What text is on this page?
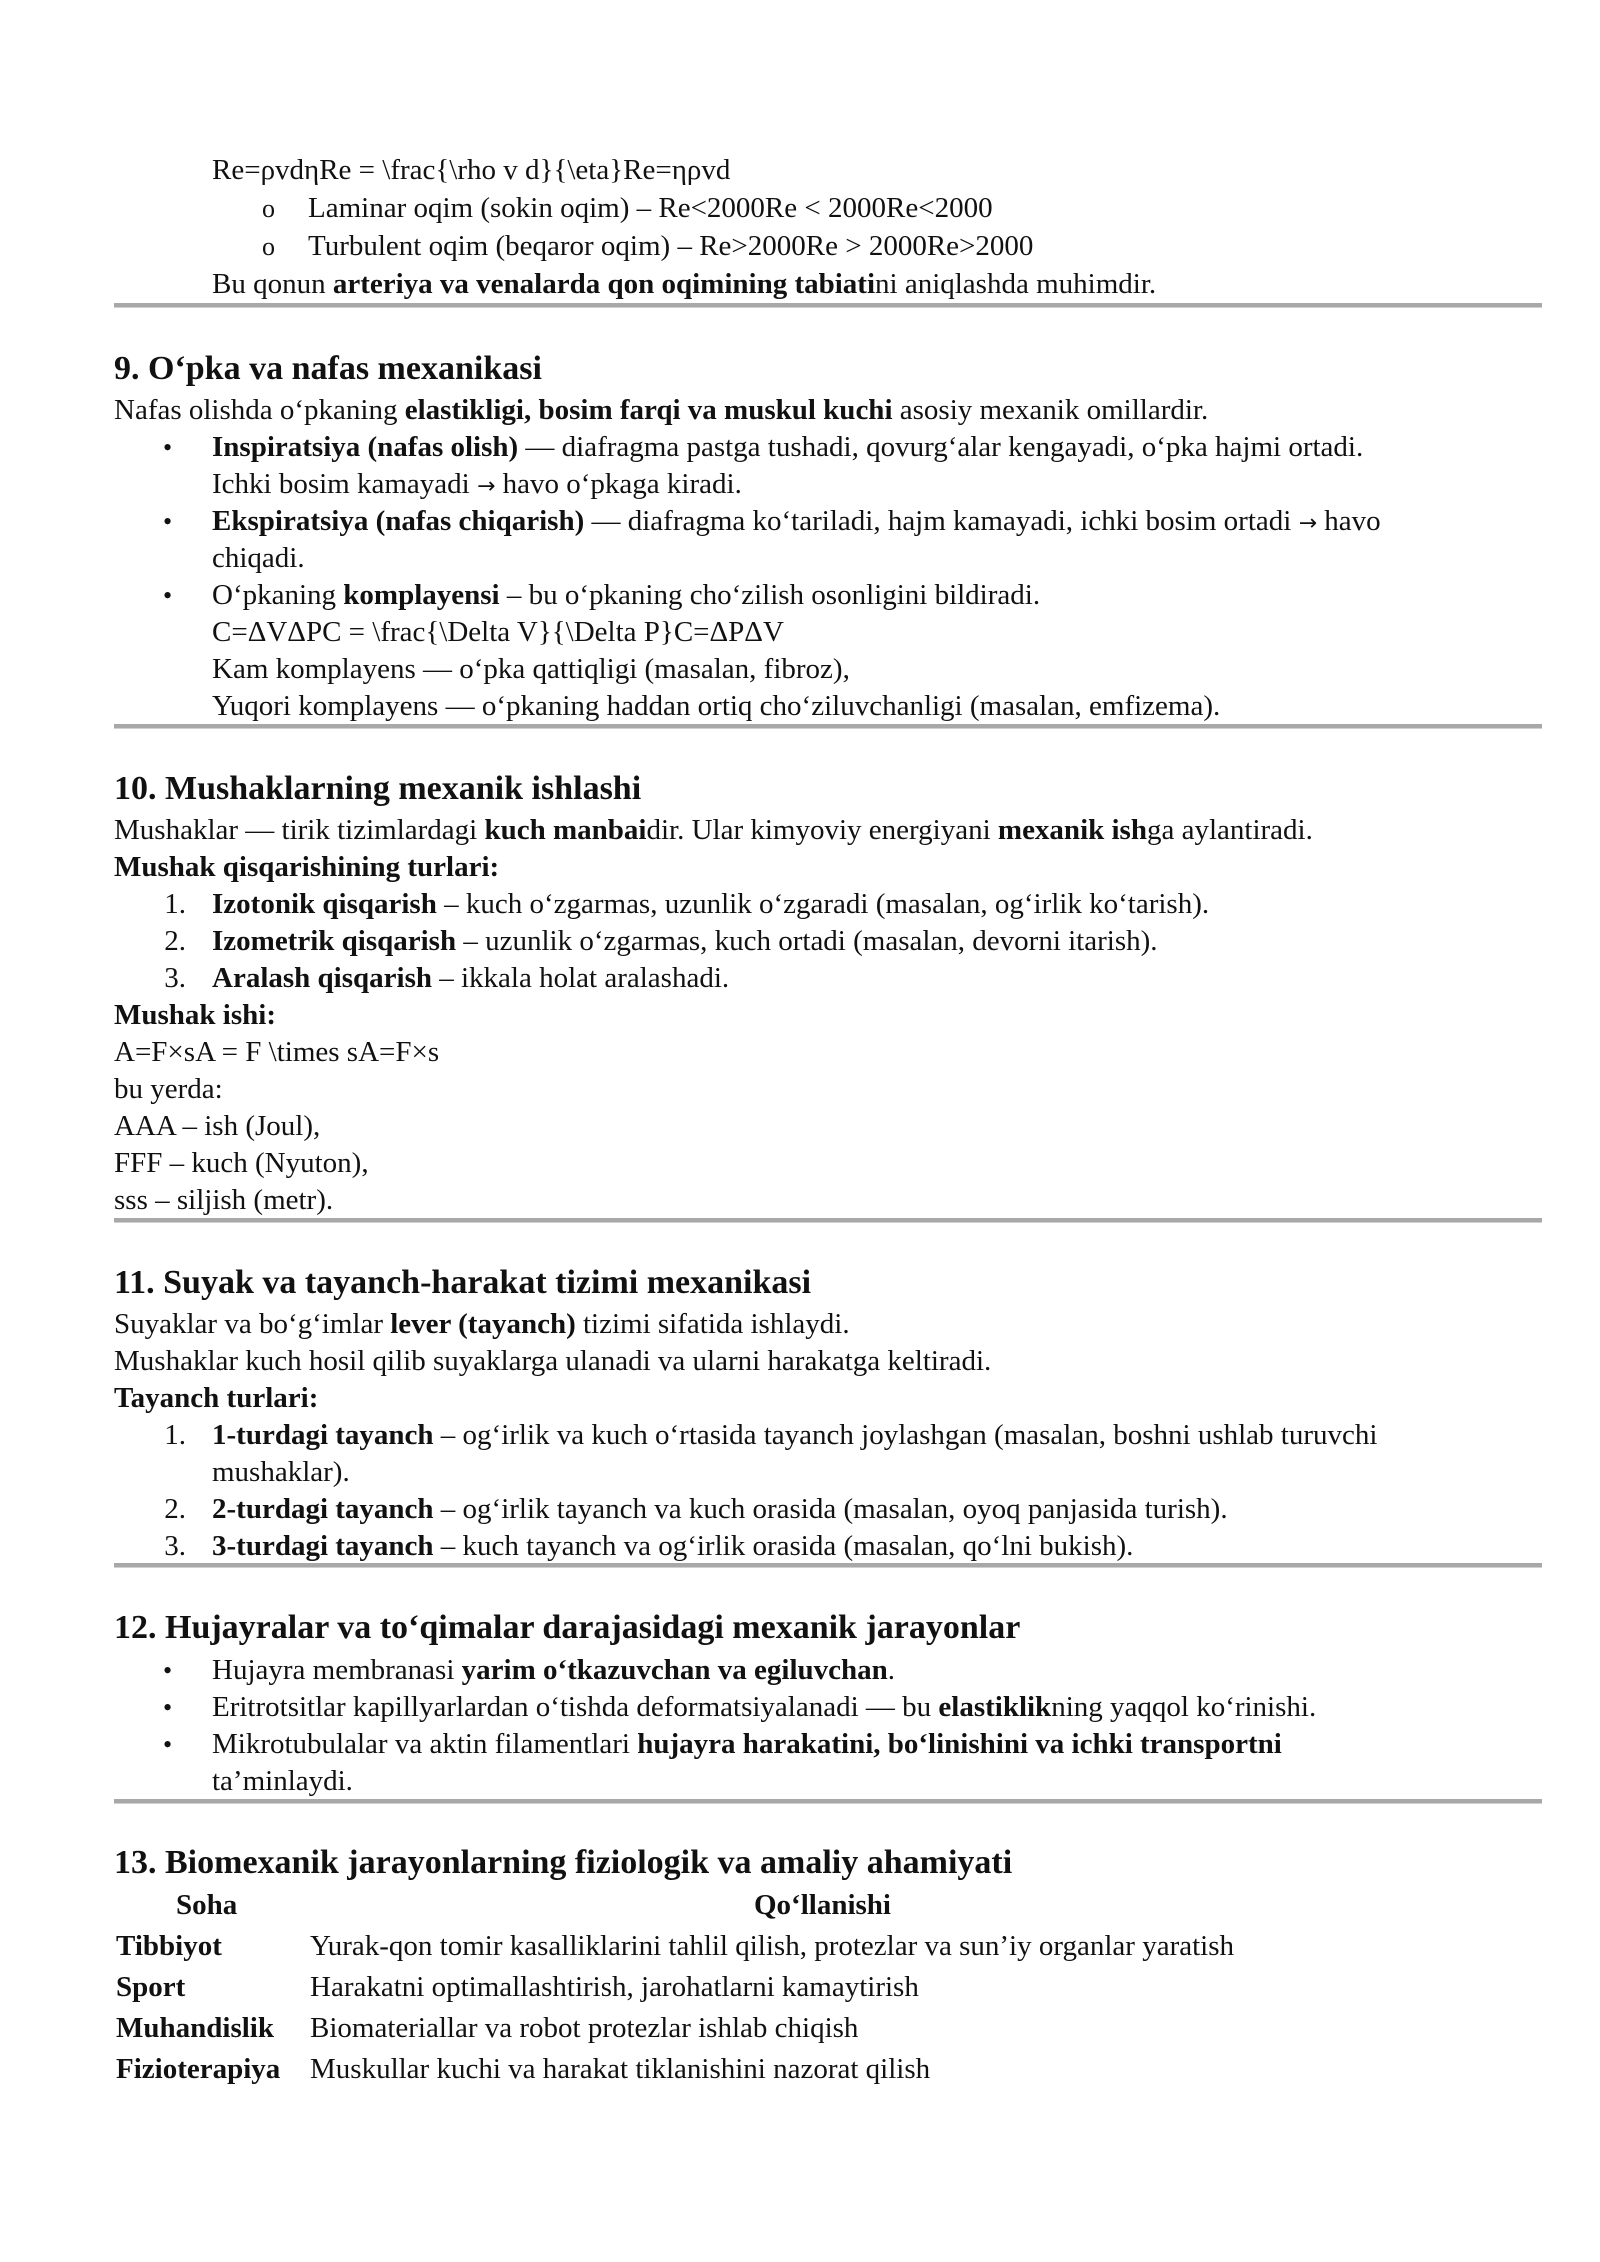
Re=ρvdηRe = \frac{\rho v d}{\eta}Re=ηρvd
o Laminar oqim (sokin oqim) – Re<2000Re < 2000Re<2000
o Turbulent oqim (beqaror oqim) – Re>2000Re > 2000Re>2000
Bu qonun arteriya va venalarda qon oqimining tabiatini aniqlashda muhimdir.
9. O‘pka va nafas mexanikasi
Nafas olishda o‘pkaning elastikligi, bosim farqi va muskul kuchi asosiy mexanik omillardir.
• Inspiratsiya (nafas olish) — diafragma pastga tushadi, qovurg‘alar kengayadi, o‘pka hajmi ortadi.
Ichki bosim kamayadi → havo o‘pkaga kiradi.
• Ekspiratsiya (nafas chiqarish) — diafragma ko‘tariladi, hajm kamayadi, ichki bosim ortadi → havo
chiqadi.
• O‘pkaning komplayensi – bu o‘pkaning cho‘zilish osonligini bildiradi.
C=ΔVΔPC = \frac{\Delta V}{\Delta P}C=ΔPΔV
Kam komplayens — o‘pka qattiqligi (masalan, fibroz),
Yuqori komplayens — o‘pkaning haddan ortiq cho‘ziluvchanligi (masalan, emfizema).
10. Mushaklarning mexanik ishlashi
Mushaklar — tirik tizimlardagi kuch manbaidir. Ular kimyoviy energiyani mexanik ishga aylantiradi.
Mushak qisqarishining turlari:
1. Izotonik qisqarish – kuch o‘zgarmas, uzunlik o‘zgaradi (masalan, og‘irlik ko‘tarish).
2. Izometrik qisqarish – uzunlik o‘zgarmas, kuch ortadi (masalan, devorni itarish).
3. Aralash qisqarish – ikkala holat aralashadi.
Mushak ishi:
A=F×sA = F \times sA=F×s
bu yerda:
AAA – ish (Joul),
FFF – kuch (Nyuton),
sss – siljish (metr).
11. Suyak va tayanch-harakat tizimi mexanikasi
Suyaklar va bo‘g‘imlar lever (tayanch) tizimi sifatida ishlaydi.
Mushaklar kuch hosil qilib suyaklarga ulanadi va ularni harakatga keltiradi.
Tayanch turlari:
1. 1-turdagi tayanch – og‘irlik va kuch o‘rtasida tayanch joylashgan (masalan, boshni ushlab turuvchi
mushaklar).
2. 2-turdagi tayanch – og‘irlik tayanch va kuch orasida (masalan, oyoq panjasida turish).
3. 3-turdagi tayanch – kuch tayanch va og‘irlik orasida (masalan, qo‘lni bukish).
12. Hujayralar va to‘qimalar darajasidagi mexanik jarayonlar
• Hujayra membranasi yarim o‘tkazuvchan va egiluvchan.
• Eritrotsitlar kapillyarlardan o‘tishda deformatsiyalanadi — bu elastiklikning yaqqol ko‘rinishi.
• Mikrotubulalar va aktin filamentlari hujayra harakatini, bo‘linishini va ichki transportni
ta’minlaydi.
13. Biomexanik jarayonlarning fiziologik va amaliy ahamiyati
Soha	Qo‘llanishi
Tibbiyot	Yurak-qon tomir kasalliklarini tahlil qilish, protezlar va sun’iy organlar yaratish
Sport	Harakatni optimallashtirish, jarohatlarni kamaytirish
Muhandislik Biomateriallar va robot protezlar ishlab chiqish
Fizioterapiya Muskullar kuchi va harakat tiklanishini nazorat qilish
